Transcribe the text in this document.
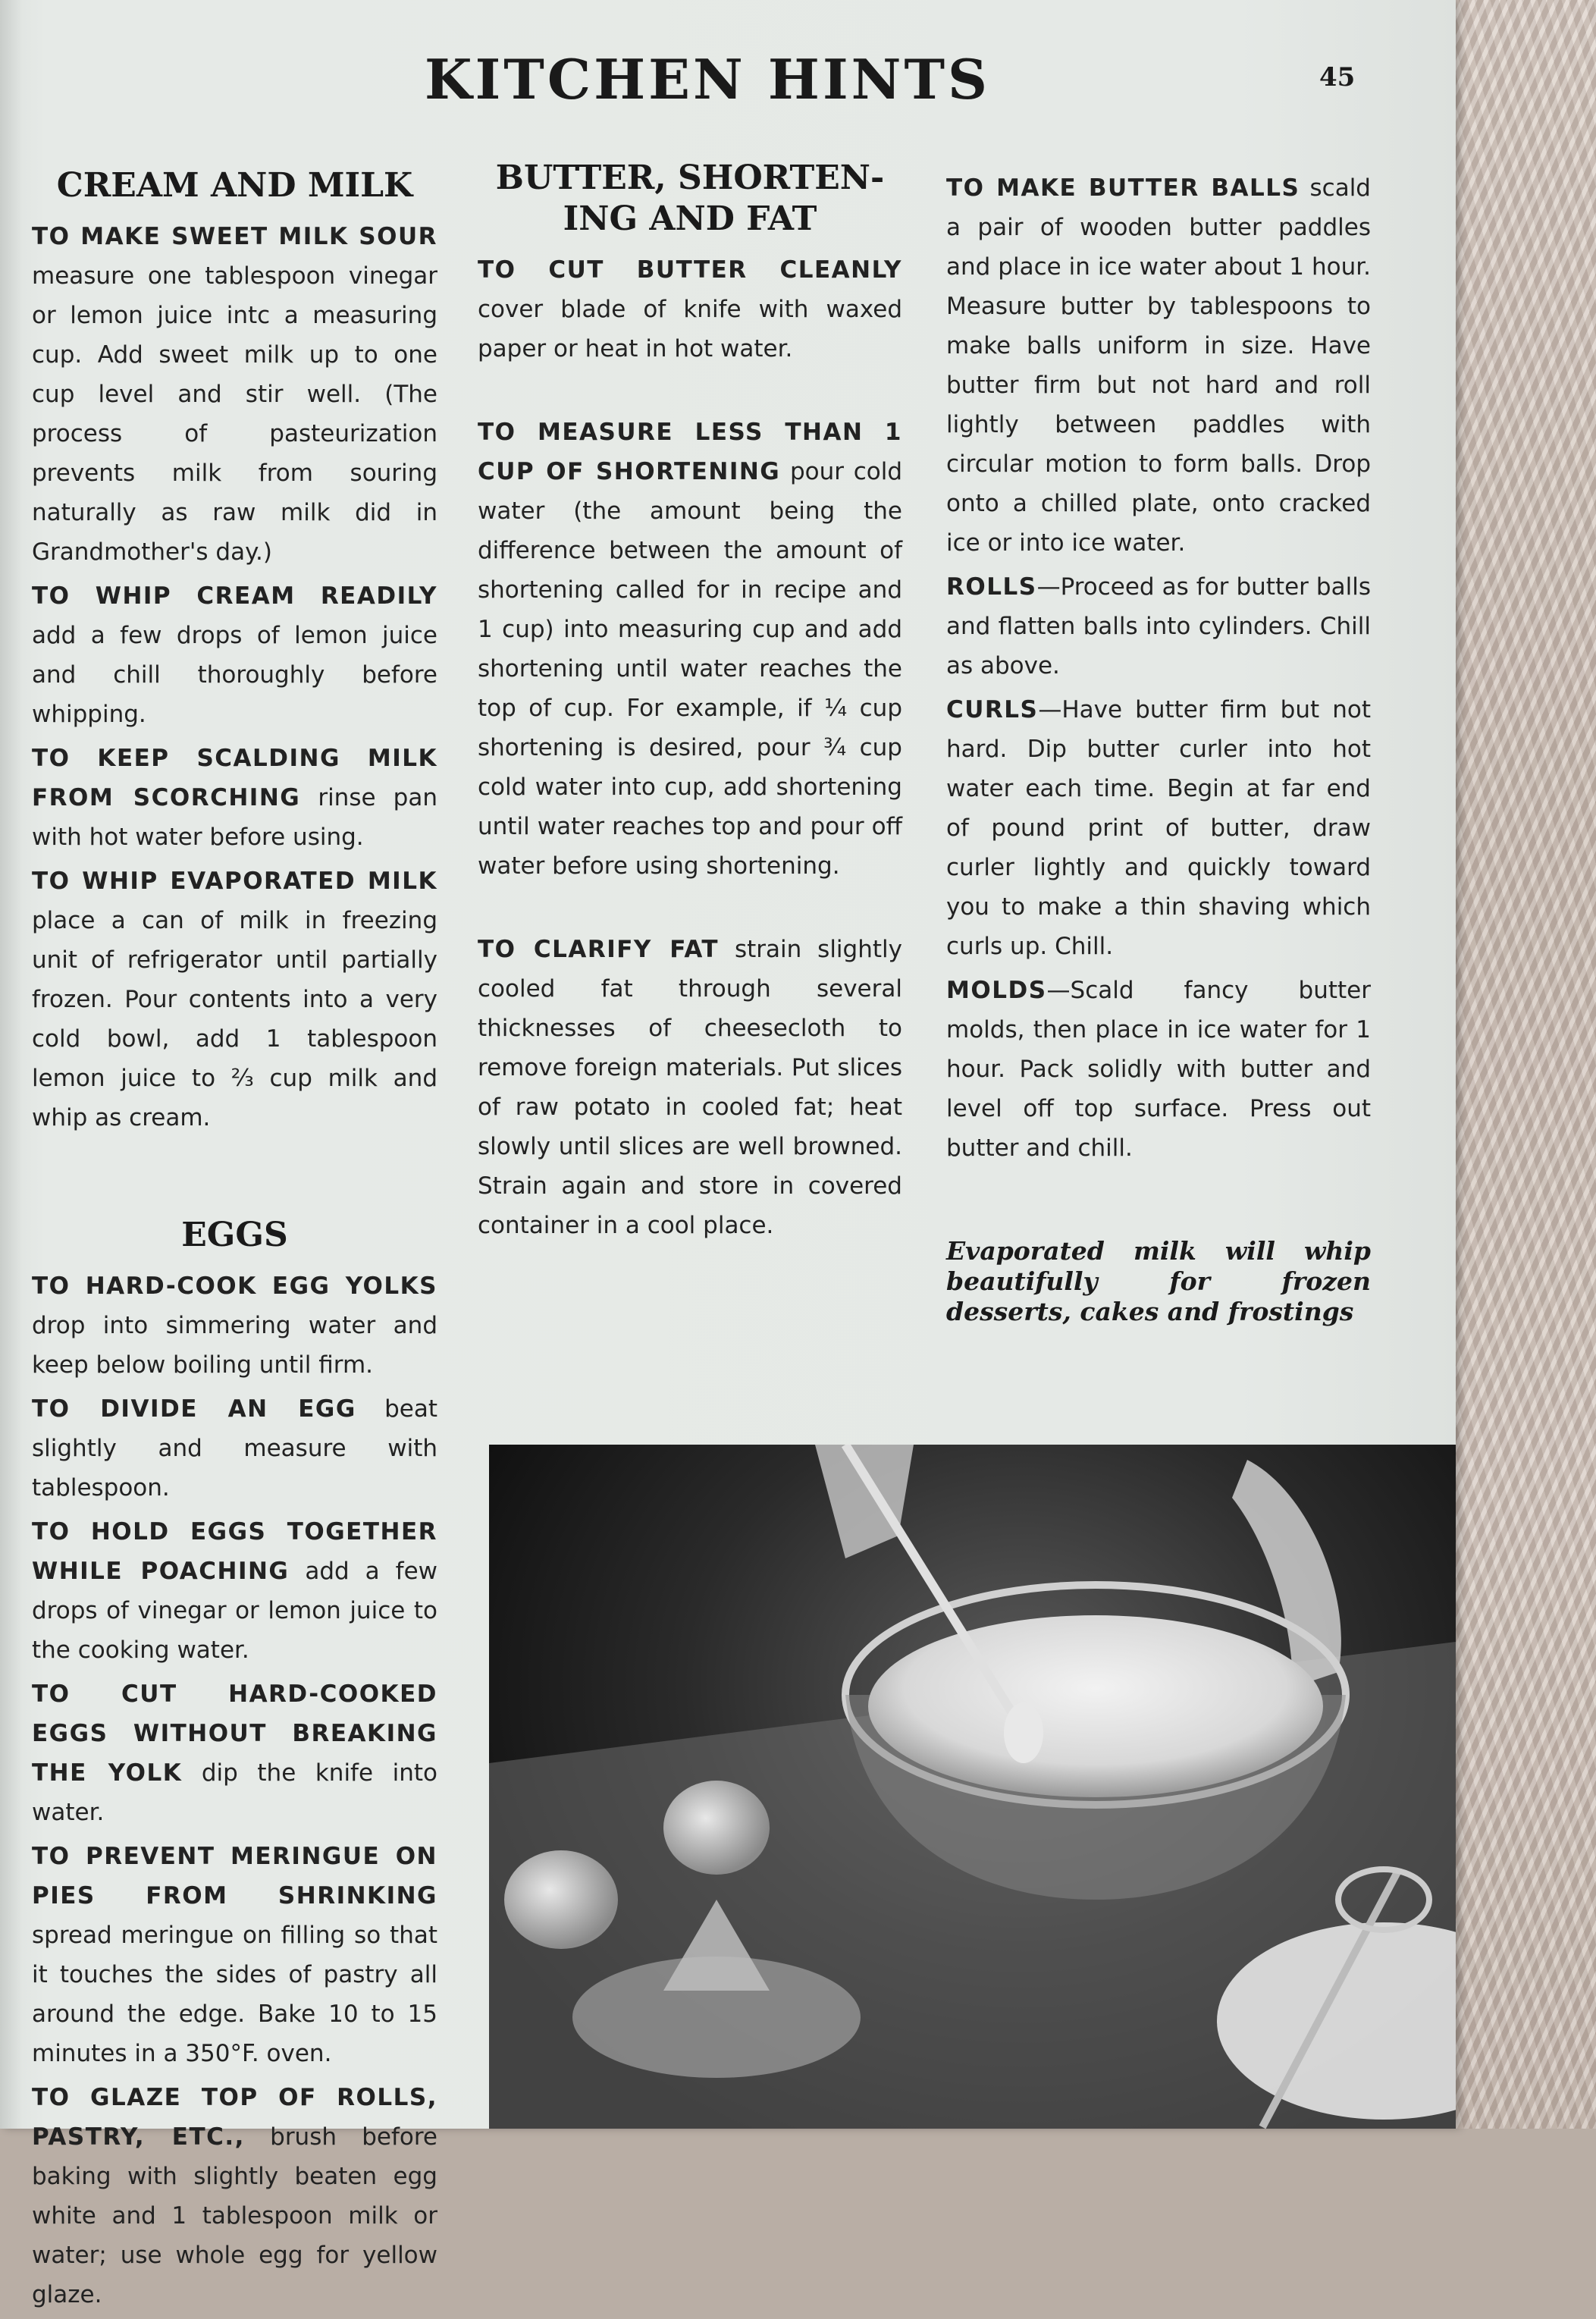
KITCHEN HINTS	45
CREAM AND MILK

TO MAKE SWEET MILK SOUR measure one tablespoon vinegar or lemon juice intc a measuring cup. Add sweet milk up to one cup level and stir well. (The process of pasteurization prevents milk from souring naturally as raw milk did in Grandmother's day.)

TO WHIP CREAM READILY add a few drops of lemon juice and chill thoroughly before whipping.

TO KEEP SCALDING MILK FROM SCORCHING rinse pan with hot water before using.

TO WHIP EVAPORATED MILK place a can of milk in freezing unit of refrigerator until partially frozen. Pour contents into a very cold bowl, add 1 tablespoon lemon juice to ⅔ cup milk and whip as cream.

EGGS

TO HARD-COOK EGG YOLKS drop into simmering water and keep below boiling until firm.

TO DIVIDE AN EGG beat slightly and measure with tablespoon.

TO HOLD EGGS TOGETHER WHILE POACHING add a few drops of vinegar or lemon juice to the cooking water.

TO CUT HARD-COOKED EGGS WITHOUT BREAKING THE YOLK dip the knife into water.

TO PREVENT MERINGUE ON PIES FROM SHRINKING spread meringue on filling so that it touches the sides of pastry all around the edge. Bake 10 to 15 minutes in a 350°F. oven.

TO GLAZE TOP OF ROLLS, PASTRY, ETC., brush before baking with slightly beaten egg white and 1 tablespoon milk or water; use whole egg for yellow glaze.

BUTTER, SHORTEN-
ING AND FAT

TO CUT BUTTER CLEANLY cover blade of knife with waxed paper or heat in hot water.

TO MEASURE LESS THAN 1 CUP OF SHORTENING pour cold water (the amount being the difference between the amount of shortening called for in recipe and 1 cup) into measuring cup and add shortening until water reaches the top of cup. For example, if ¼ cup shortening is desired, pour ¾ cup cold water into cup, add shortening until water reaches top and pour off water before using shortening.

TO CLARIFY FAT strain slightly cooled fat through several thicknesses of cheesecloth to remove foreign materials. Put slices of raw potato in cooled fat; heat slowly until slices are well browned. Strain again and store in covered container in a cool place.

TO MAKE BUTTER BALLS scald a pair of wooden butter paddles and place in ice water about 1 hour. Measure butter by tablespoons to make balls uniform in size. Have butter firm but not hard and roll lightly between paddles with circular motion to form balls. Drop onto a chilled plate, onto cracked ice or into ice water.

ROLLS—Proceed as for butter balls and flatten balls into cylinders. Chill as above.

CURLS—Have butter firm but not hard. Dip butter curler into hot water each time. Begin at far end of pound print of butter, draw curler lightly and quickly toward you to make a thin shaving which curls up. Chill.

MOLDS—Scald fancy butter molds, then place in ice water for 1 hour. Pack solidly with butter and level off top surface. Press out butter and chill.

Evaporated milk will whip beautifully for frozen desserts, cakes and frostings
